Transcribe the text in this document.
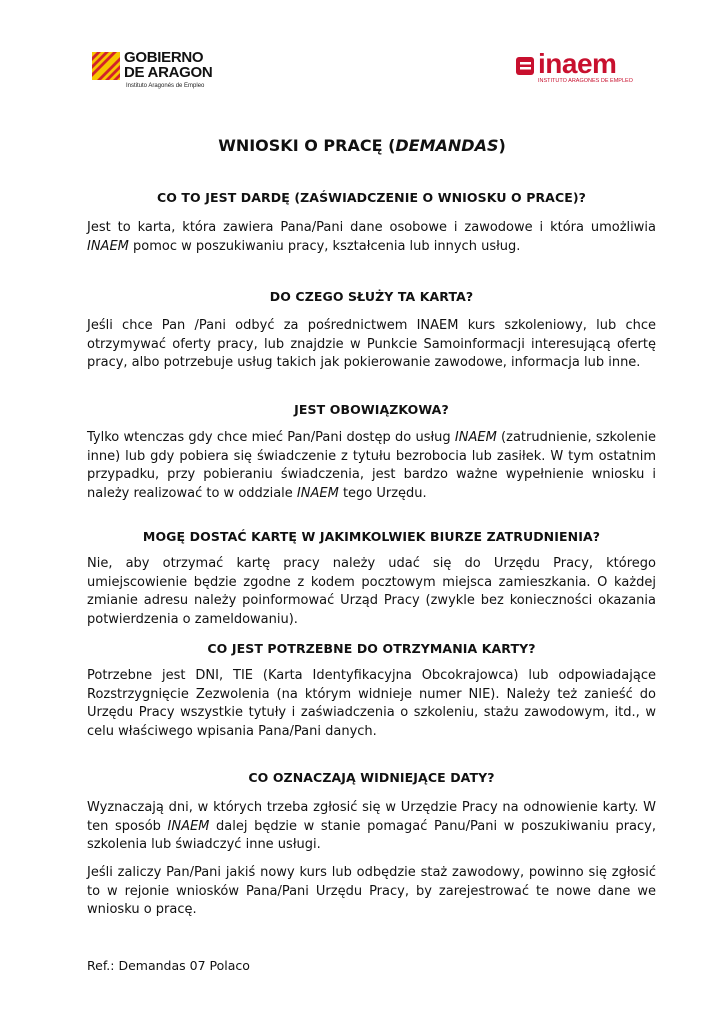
GOBIERNO
DE ARAGON
Instituto Aragonés de Empleo
inaem
INSTITUTO ARAGONES DE EMPLEO
WNIOSKI O PRACĘ (DEMANDAS)
CO TO JEST DARDĘ (ZAŚWIADCZENIE O WNIOSKU O PRACE)?

Jest to karta, która zawiera Pana/Pani dane osobowe i zawodowe i która umożliwia INAEM pomoc w poszukiwaniu pracy, kształcenia lub innych usług.

DO CZEGO SŁUŻY TA KARTA?

Jeśli chce Pan /Pani odbyć za pośrednictwem INAEM kurs szkoleniowy, lub chce otrzymywać oferty pracy, lub znajdzie w Punkcie Samoinformacji interesującą ofertę pracy, albo potrzebuje usług takich jak pokierowanie zawodowe, informacja lub inne.

JEST OBOWIĄZKOWA?

Tylko wtenczas gdy chce mieć Pan/Pani dostęp do usług INAEM (zatrudnienie, szkolenie inne) lub gdy pobiera się świadczenie z tytułu bezrobocia lub zasiłek. W tym ostatnim przypadku, przy pobieraniu świadczenia, jest bardzo ważne wypełnienie wniosku i należy realizować to w oddziale INAEM tego Urzędu.

MOGĘ DOSTAĆ KARTĘ W JAKIMKOLWIEK BIURZE ZATRUDNIENIA?

Nie, aby otrzymać kartę pracy należy udać się do Urzędu Pracy, którego umiejscowienie będzie zgodne z kodem pocztowym miejsca zamieszkania. O każdej zmianie adresu należy poinformować Urząd Pracy (zwykle bez konieczności okazania potwierdzenia o zameldowaniu).

CO JEST POTRZEBNE DO OTRZYMANIA KARTY?

Potrzebne jest DNI, TIE (Karta Identyfikacyjna Obcokrajowca) lub odpowiadające Rozstrzygnięcie Zezwolenia (na którym widnieje numer NIE). Należy też zanieść do Urzędu Pracy wszystkie tytuły i zaświadczenia o szkoleniu, stażu zawodowym, itd., w celu właściwego wpisania Pana/Pani danych.

CO OZNACZAJĄ WIDNIEJĄCE DATY?

Wyznaczają dni, w których trzeba zgłosić się w Urzędzie Pracy na odnowienie karty. W ten sposób INAEM dalej będzie w stanie pomagać Panu/Pani w poszukiwaniu pracy, szkolenia lub świadczyć inne usługi.

Jeśli zaliczy Pan/Pani jakiś nowy kurs lub odbędzie staż zawodowy, powinno się zgłosić to w rejonie wniosków Pana/Pani Urzędu Pracy, by zarejestrować te nowe dane we wniosku o pracę.

Ref.: Demandas 07 Polaco
